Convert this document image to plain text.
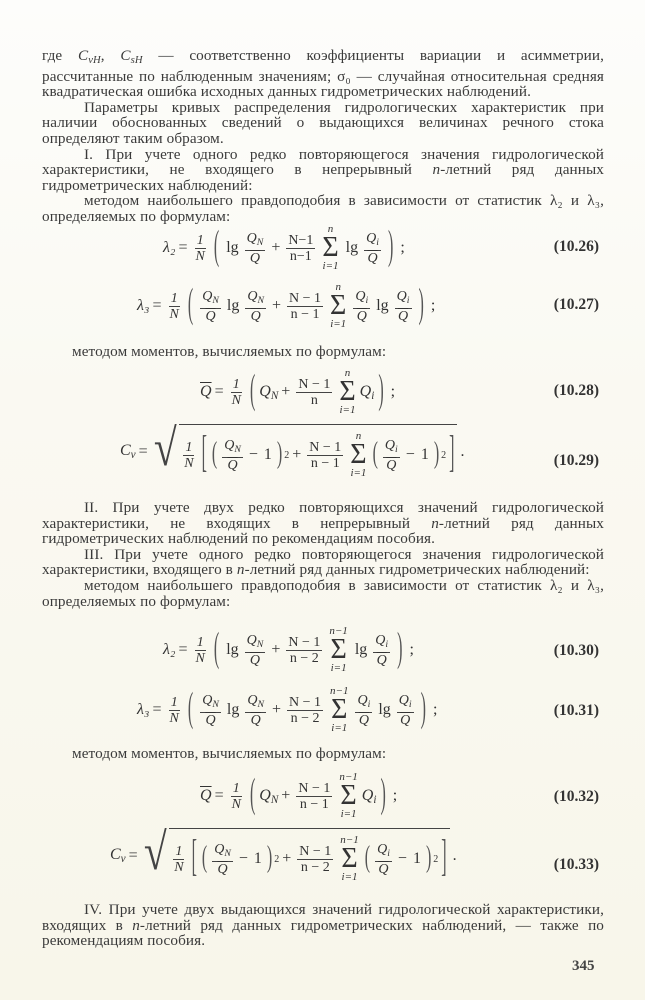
где $C_{vH}$, $C_{sH}$ — соответственно коэффициенты вариации и асимметрии, рассчитанные по наблюденным значениям; σ₀ — случайная относительная средняя квадратическая ошибка исходных данных гидрометрических наблюдений.

Параметры кривых распределения гидрологических характеристик при наличии обоснованных сведений о выдающихся величинах речного стока определяют таким образом.

I. При учете одного редко повторяющегося значения гидрологической характеристики, не входящего в непрерывный n-летний ряд данных гидрометрических наблюдений:

методом наибольшего правдоподобия в зависимости от статистик λ₂ и λ₃, определяемых по формулам:

$\lambda_2 = \frac{1}{N}$ ( $\lg \frac{Q_N}{Q} + \frac{N-1}{n-1}$
n
Σ
i=1
$\lg \frac{Q_i}{Q}$ ) ;	(10.26)
$\lambda_3 = \frac{1}{N}$ ( $\frac{Q_N}{Q}$ $\lg \frac{Q_N}{Q} + \frac{N - 1}{n - 1}$
n
Σ
i=1
$\frac{Q_i}{Q}$ $\lg \frac{Q_i}{Q}$ ) ;	(10.27)
методом моментов, вычисляемых по формулам:
$\overline{Q} = \frac{1}{N}$ ( $Q_N + \frac{N - 1}{n}$
n
Σ
i=1
$Q_i$ ) ;	(10.28)
$C_v$ = √ $\frac{1}{N}$ [ ( $\frac{Q_N}{Q} - 1$ ) $2 + \frac{N - 1}{n - 1}$
n
Σ
i=1
( $\frac{Q_i}{Q} - 1$ ) 2 ] .
(10.29)

II. При учете двух редко повторяющихся значений гидрологической характеристики, не входящих в непрерывный n-летний ряд данных гидрометрических наблюдений по рекомендациям пособия.

III. При учете одного редко повторяющегося значения гидрологической характеристики, входящего в n-летний ряд данных гидрометрических наблюдений:

методом наибольшего правдоподобия в зависимости от статистик λ₂ и λ₃, определяемых по формулам:

$\lambda_2 = \frac{1}{N}$ ( $\lg \frac{Q_N}{Q} + \frac{N - 1}{n - 2}$
n−1
Σ
i=1
$\lg \frac{Q_i}{Q}$ ) ;	(10.30)
$\lambda_3 = \frac{1}{N}$ ( $\frac{Q_N}{Q}$ $\lg \frac{Q_N}{Q} + \frac{N - 1}{n - 2}$
n−1
Σ
i=1
$\frac{Q_i}{Q}$ $\lg \frac{Q_i}{Q}$ ) ;	(10.31)
методом моментов, вычисляемых по формулам:
$\overline{Q} = \frac{1}{N}$ ( $Q_N + \frac{N - 1}{n - 1}$
n−1
Σ
i=1
$Q_i$ ) ;	(10.32)
$C_v$ = √ $\frac{1}{N}$ [ ( $\frac{Q_N}{Q} - 1$ ) $2 + \frac{N - 1}{n - 2}$
n−1
Σ
i=1
( $\frac{Q_i}{Q} - 1$ ) 2 ] .
(10.33)

IV. При учете двух выдающихся значений гидрологической характеристики, входящих в n-летний ряд данных гидрометрических наблюдений, — также по рекомендациям пособия.

345
